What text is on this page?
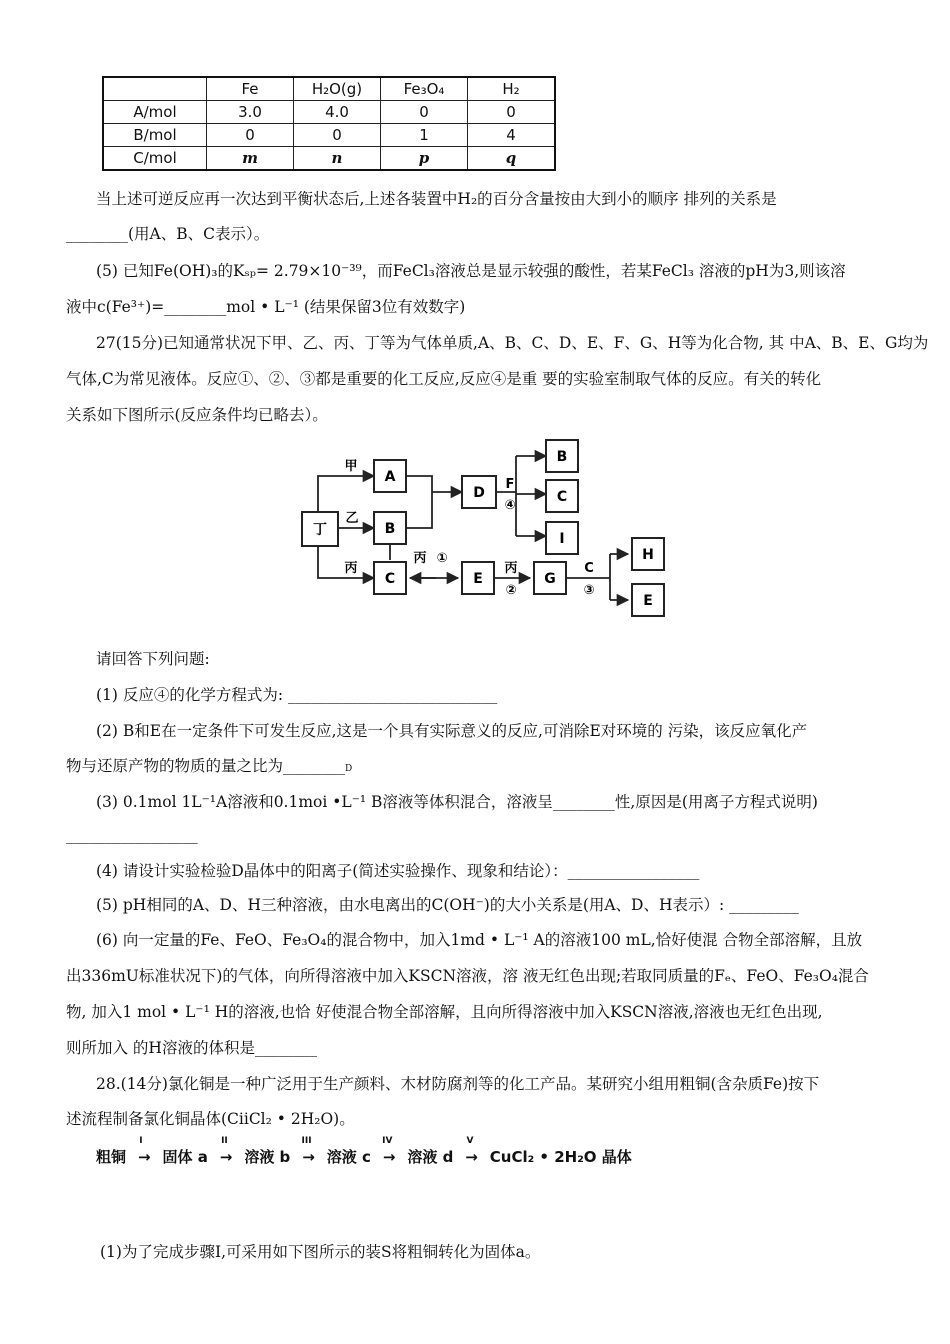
	Fe	H₂O(g)	Fe₃O₄	H₂
A/mol	3.0	4.0	0	0
B/mol	0	0	1	4
C/mol	m	n	p	q
当上述可逆反应再一次达到平衡状态后,上述各装置中H₂的百分含量按由大到小的顺序 排列的关系是
________(用A、B、C表示）。
(5) 已知Fe(OH)₃的Kₛₚ= 2.79×10⁻³⁹，而FeCl₃溶液总是显示较强的酸性，若某FeCl₃ 溶液的pH为3,则该溶
液中c(Fe³⁺)=________mol • L⁻¹ (结果保留3位有效数字)
27(15分)已知通常状况下甲、乙、丙、丁等为气体单质,A、B、C、D、E、F、G、H等为化合物, 其 中A、B、E、G均为
气体,C为常见液体。反应①、②、③都是重要的化工反应,反应④是重 要的实验室制取气体的反应。有关的转化
关系如下图所示(反应条件均已略去）。
丁
A
B
C
D
B
C
I
E	G
H
E
甲
乙
丙
丙 ①
丙
②
F
④
C
③
请回答下列问题:
(1) 反应④的化学方程式为: ___________________________
(2) B和E在一定条件下可发生反应,这是一个具有实际意义的反应,可消除E对环境的 污染，该反应氧化产
物与还原产物的物质的量之比为________D
(3) 0.1mol 1L⁻¹A溶液和0.1moi •L⁻¹ B溶液等体积混合，溶液呈________性,原因是(用离子方程式说明)
_________________
(4) 请设计实验检验D晶体中的阳离子(简述实验操作、现象和结论）：_________________
(5) pH相同的A、D、H三种溶液，由水电离出的C(OH⁻)的大小关系是(用A、D、H表示）: _________
(6) 向一定量的Fe、FeO、Fe₃O₄的混合物中，加入1md • L⁻¹ A的溶液100 mL,恰好使混 合物全部溶解，且放
出336mU标准状况下)的气体，向所得溶液中加入KSCN溶液，溶 液无红色出现;若取同质量的Fₑ、FeO、Fe₃O₄混合
物, 加入1 mol • L⁻¹ H的溶液,也恰 好使混合物全部溶解，且向所得溶液中加入KSCN溶液,溶液也无红色出现,
则所加入 的H溶液的体积是________
28.(14分)氯化铜是一种广泛用于生产颜料、木材防腐剂等的化工产品。某研究小组用粗铜(含杂质Fe)按下
述流程制备氯化铜晶体(CiiCl₂ • 2H₂O)。
粗铜
I
→ 固体 a
II
→ 溶液 b
III
→ 溶液 c
IV
→ 溶液 d
V
→ CuCl₂ • 2H₂O 晶体
(1)为了完成步骤I,可采用如下图所示的装S将粗铜转化为固体a。
